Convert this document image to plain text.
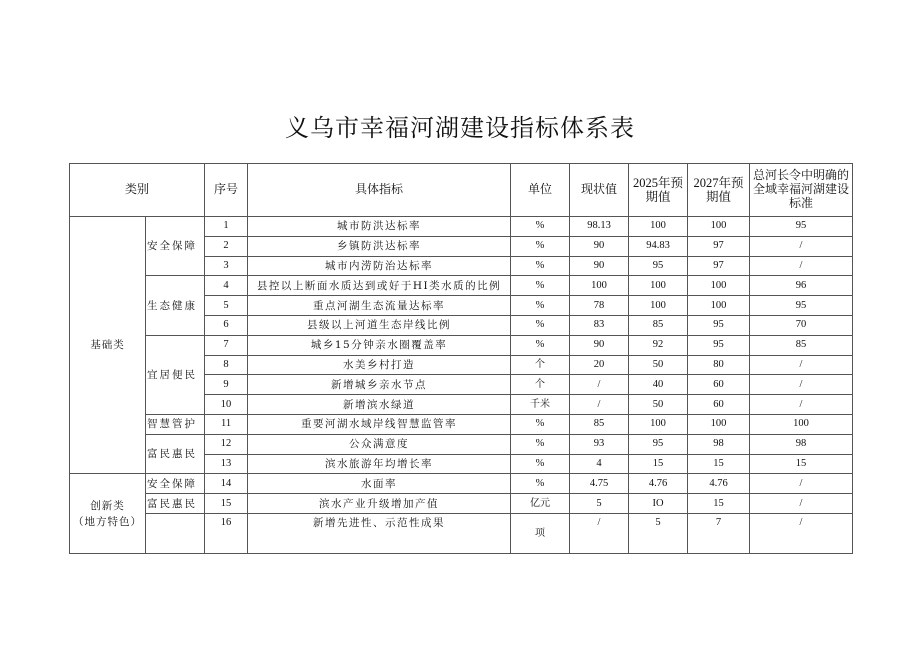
义乌市幸福河湖建设指标体系表
类别		序号	具体指标	单位	现状值	2025年预期值	2027年预期值	总河长令中明确的全域幸福河湖建设标准
基础类	安全保障	1	城市防洪达标率	%	98.13	100	100	95
		2	乡镇防洪达标率	%	90	94.83	97	/
		3	城市内涝防治达标率	%	90	95	97	/
	生态健康	4	县控以上断面水质达到或好于HI类水质的比例	%	100	100	100	96
		5	重点河湖生态流量达标率	%	78	100	100	95
		6	县级以上河道生态岸线比例	%	83	85	95	70
	宜居便民	7	城乡15分钟亲水圈覆盖率	%	90	92	95	85
		8	水美乡村打造	个	20	50	80	/
		9	新增城乡亲水节点	个	/	40	60	/
		10	新增滨水绿道	千米	/	50	60	/
	智慧管护	11	重要河湖水域岸线智慧监管率	%	85	100	100	100
	富民惠民	12	公众满意度	%	93	95	98	98
		13	滨水旅游年均增长率	%	4	15	15	15

创新类
（地方特色）	安全保障	14	水面率	%	4.75	4.76	4.76	/
	富民惠民	15	滨水产业升级增加产值	亿元	5	IO	15	/
		16	新增先进性、示范性成果	项	/	5	7	/
